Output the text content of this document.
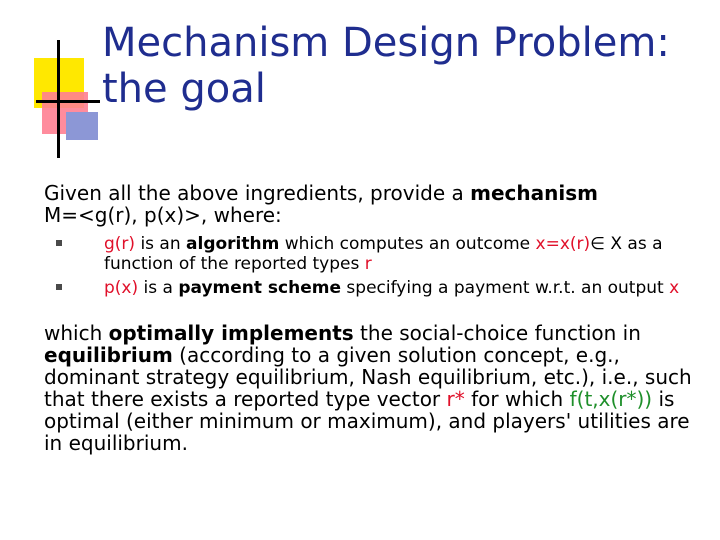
Mechanism Design Problem:
the goal
Given all the above ingredients, provide a mechanism
M=<g(r), p(x)>, where:
g(r) is an algorithm which computes an outcome x=x(r)∈ X as a function of the reported types r
p(x) is a payment scheme specifying a payment w.r.t. an output x
which optimally implements the social-choice function in equilibrium (according to a given solution concept, e.g., dominant strategy equilibrium, Nash equilibrium, etc.), i.e., such that there exists a reported type vector r* for which f(t,x(r*)) is optimal (either minimum or maximum), and players' utilities are in equilibrium.
